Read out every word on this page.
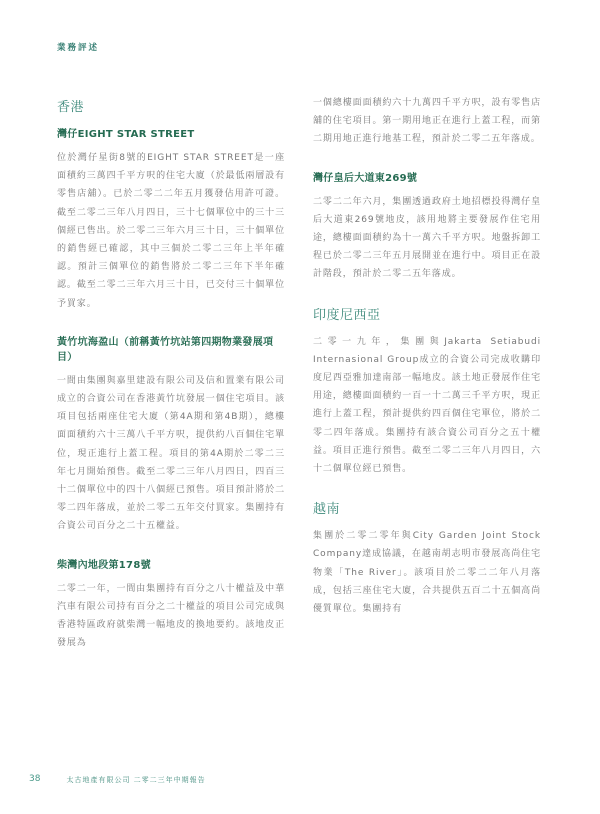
業務評述
香港
灣仔EIGHT STAR STREET

位於灣仔星街8號的EIGHT STAR STREET是一座面積約三萬四千平方呎的住宅大廈（於最低兩層設有零售店舖）。已於二零二二年五月獲發佔用許可證。截至二零二三年八月四日，三十七個單位中的三十三個經已售出。於二零二三年六月三十日，三十個單位的銷售經已確認，其中三個於二零二三年上半年確認。預計三個單位的銷售將於二零二三年下半年確認。截至二零二三年六月三十日，已交付三十個單位予買家。

黃竹坑海盈山（前稱黃竹坑站第四期物業發展項目）

一間由集團與嘉里建設有限公司及信和置業有限公司成立的合資公司在香港黃竹坑發展一個住宅項目。該項目包括兩座住宅大廈（第4A期和第4B期），總樓面面積約六十三萬八千平方呎，提供約八百個住宅單位，現正進行上蓋工程。項目的第4A期於二零二三年七月開始預售。截至二零二三年八月四日，四百三十二個單位中的四十八個經已預售。項目預計將於二零二四年落成，並於二零二五年交付買家。集團持有合資公司百分之二十五權益。

柴灣內地段第178號

二零二一年，一間由集團持有百分之八十權益及中華汽車有限公司持有百分之二十權益的項目公司完成與香港特區政府就柴灣一幅地皮的換地要約。該地皮正發展為

一個總樓面面積約六十九萬四千平方呎，設有零售店舖的住宅項目。第一期用地正在進行上蓋工程，而第二期用地正進行地基工程，預計於二零二五年落成。

灣仔皇后大道東269號

二零二二年六月，集團透過政府土地招標投得灣仔皇后大道東269號地皮，該用地將主要發展作住宅用途，總樓面面積約為十一萬六千平方呎。地盤拆卸工程已於二零二三年五月展開並在進行中。項目正在設計階段，預計於二零二五年落成。

印度尼西亞

二零一九年，集團與Jakarta Setiabudi Internasional Group成立的合資公司完成收購印度尼西亞雅加達南部一幅地皮。該土地正發展作住宅用途，總樓面面積約一百一十二萬三千平方呎，現正進行上蓋工程，預計提供約四百個住宅單位，將於二零二四年落成。集團持有該合資公司百分之五十權益。項目正進行預售。截至二零二三年八月四日，六十二個單位經已預售。

越南

集團於二零二零年與City Garden Joint Stock Company達成協議，在越南胡志明市發展高尚住宅物業「The River」。該項目於二零二二年八月落成，包括三座住宅大廈，合共提供五百二十五個高尚優質單位。集團持有

38	太古地產有限公司 二零二三年中期報告
